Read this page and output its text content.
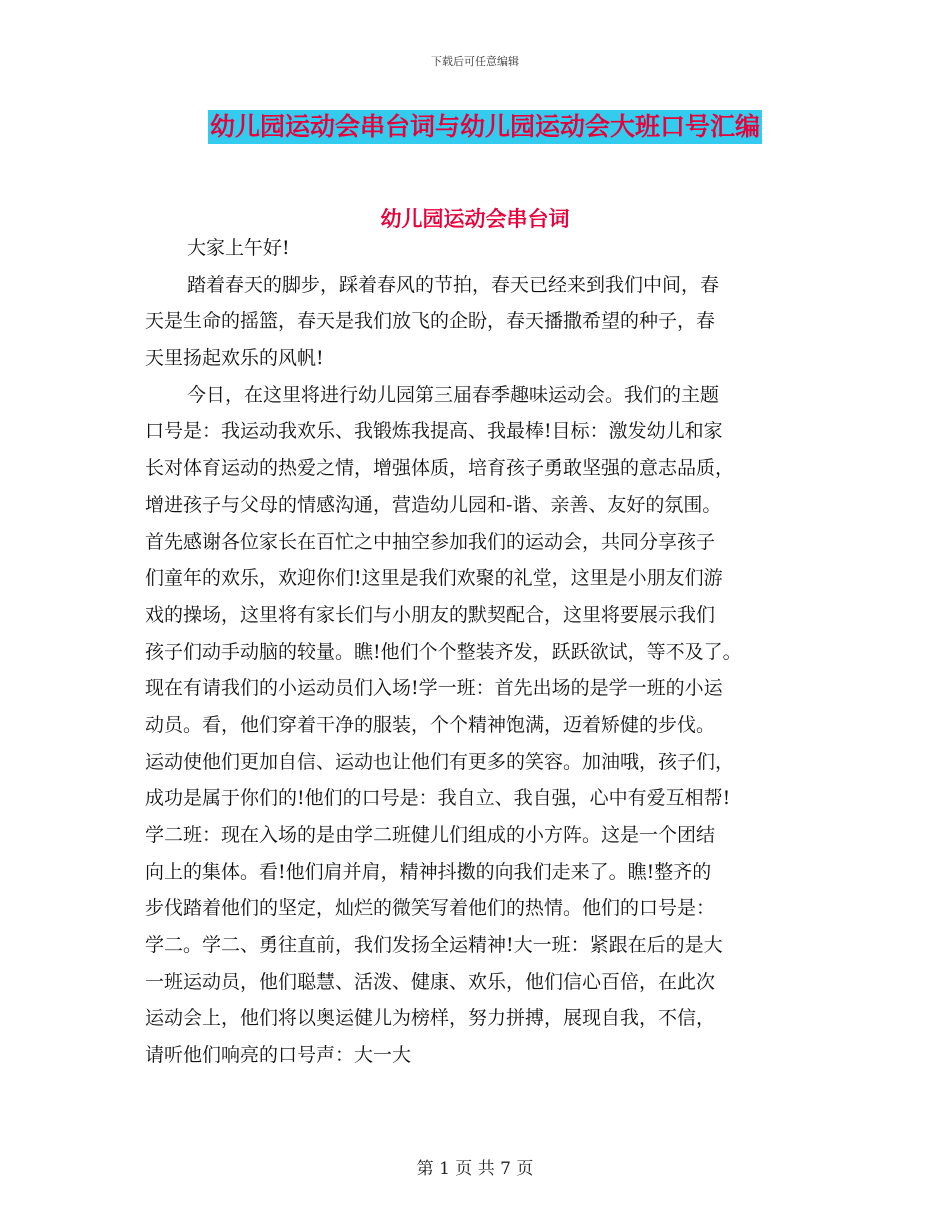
下载后可任意编辑
幼儿园运动会串台词与幼儿园运动会大班口号汇编
幼儿园运动会串台词
大家上午好!
踏着春天的脚步，踩着春风的节拍，春天已经来到我们中间，春
天是生命的摇篮，春天是我们放飞的企盼，春天播撒希望的种子，春
天里扬起欢乐的风帆!
今日，在这里将进行幼儿园第三届春季趣味运动会。我们的主题
口号是：我运动我欢乐、我锻炼我提高、我最棒!目标：激发幼儿和家
长对体育运动的热爱之情，增强体质，培育孩子勇敢坚强的意志品质，
增进孩子与父母的情感沟通，营造幼儿园和-谐、亲善、友好的氛围。
首先感谢各位家长在百忙之中抽空参加我们的运动会，共同分享孩子
们童年的欢乐，欢迎你们!这里是我们欢聚的礼堂，这里是小朋友们游
戏的操场，这里将有家长们与小朋友的默契配合，这里将要展示我们
孩子们动手动脑的较量。瞧!他们个个整装齐发，跃跃欲试，等不及了。
现在有请我们的小运动员们入场!学一班：首先出场的是学一班的小运
动员。看，他们穿着干净的服装，个个精神饱满，迈着矫健的步伐。
运动使他们更加自信、运动也让他们有更多的笑容。加油哦，孩子们，
成功是属于你们的!他们的口号是：我自立、我自强，心中有爱互相帮!
学二班：现在入场的是由学二班健儿们组成的小方阵。这是一个团结
向上的集体。看!他们肩并肩，精神抖擞的向我们走来了。瞧!整齐的
步伐踏着他们的坚定，灿烂的微笑写着他们的热情。他们的口号是：
学二。学二、勇往直前，我们发扬全运精神!大一班：紧跟在后的是大
一班运动员，他们聪慧、活泼、健康、欢乐，他们信心百倍，在此次
运动会上，他们将以奥运健儿为榜样，努力拼搏，展现自我，不信，
请听他们响亮的口号声：大一大
第 1 页 共 7 页
